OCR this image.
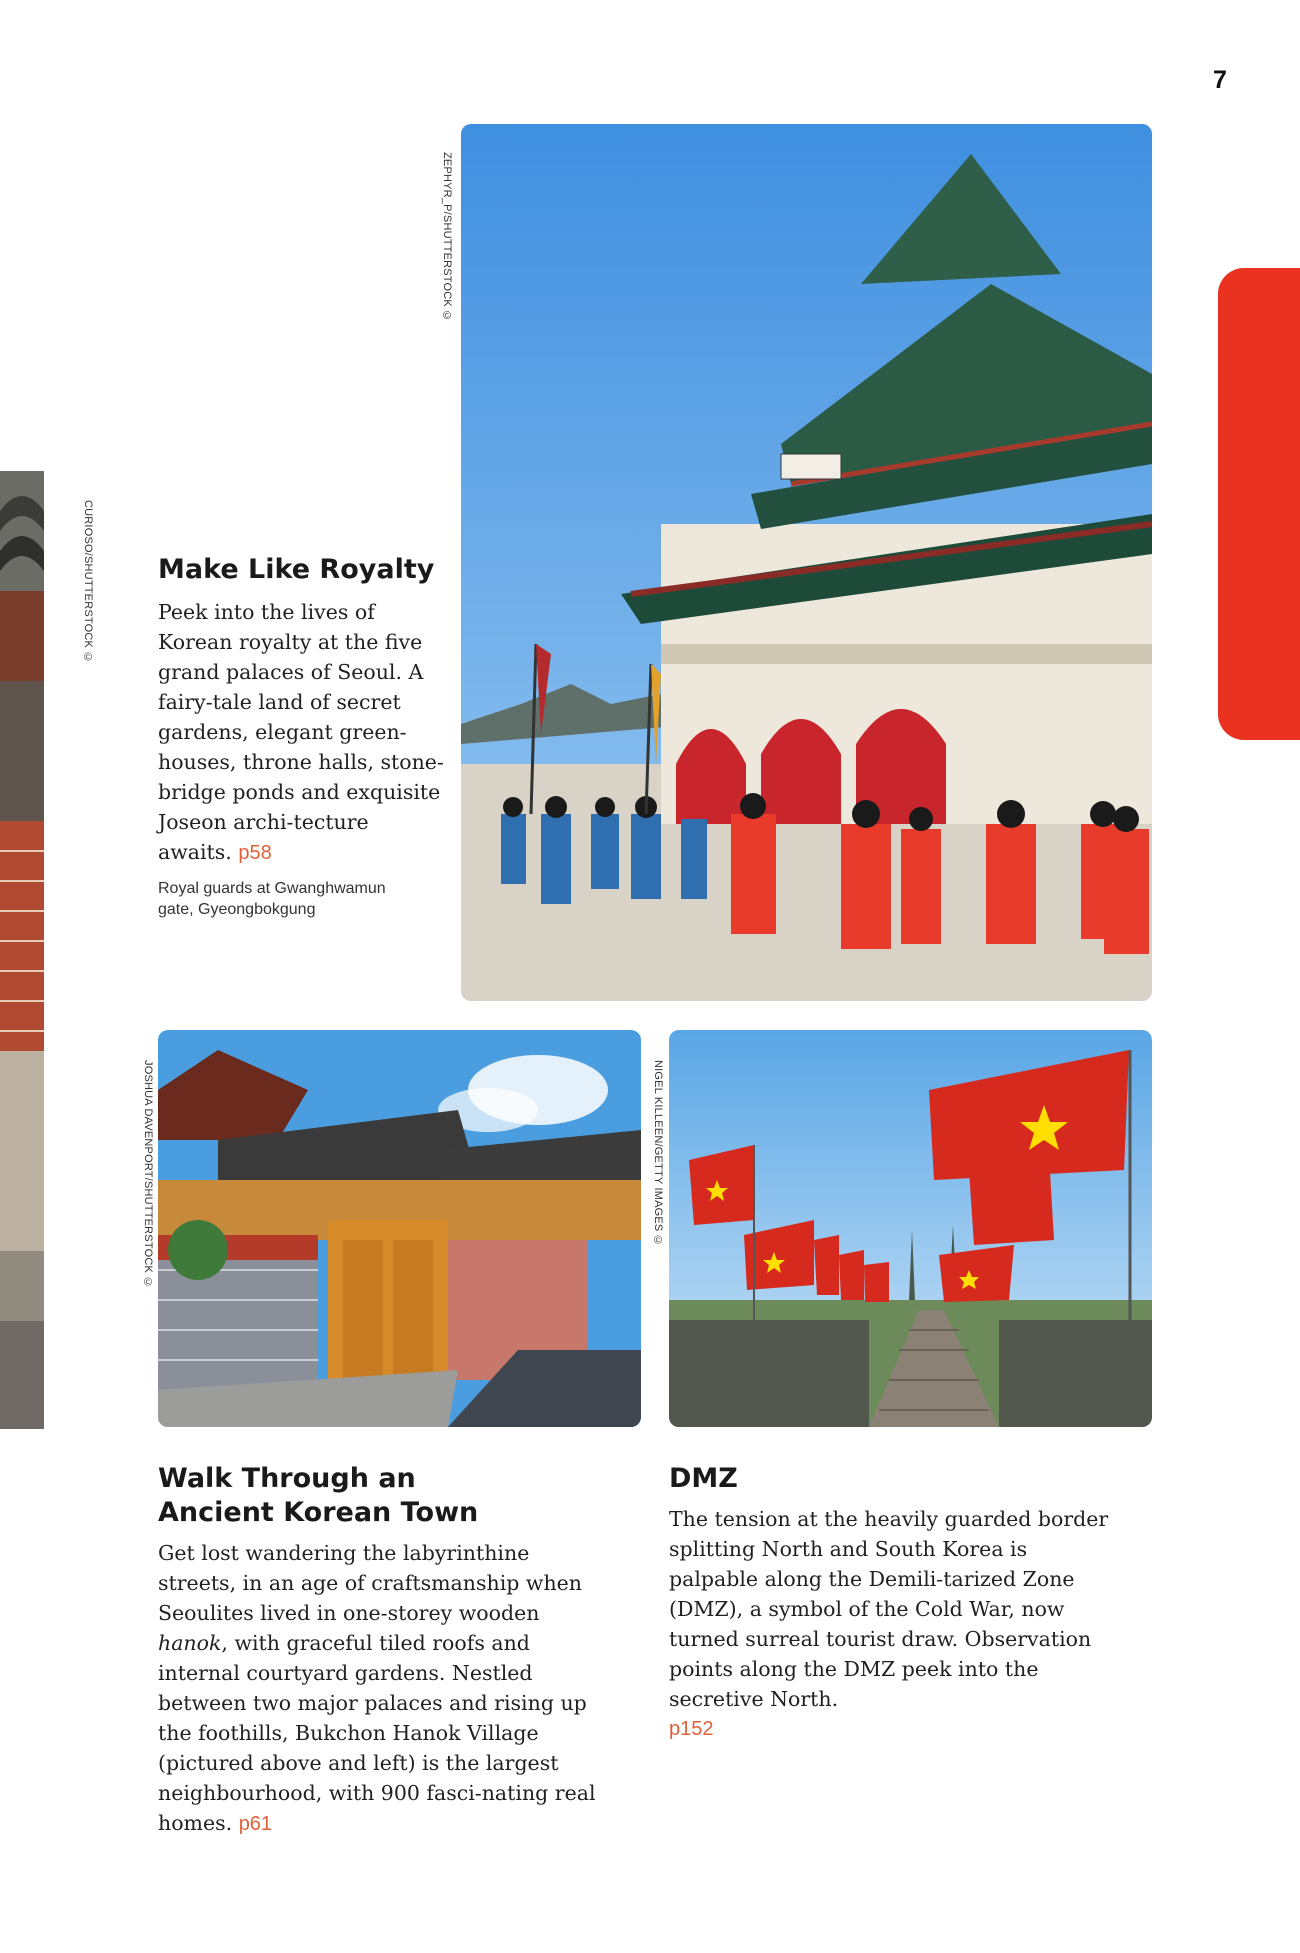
7
CURIOSO/SHUTTERSTOCK ©
ZEPHYR_P/SHUTTERSTOCK ©
Make Like Royalty

Peek into the lives of Korean royalty at the five grand palaces of Seoul. A fairy-tale land of secret gardens, elegant green-houses, throne halls, stone-bridge ponds and exquisite Joseon archi-tecture awaits. p58

Royal guards at Gwanghwamun gate, Gyeongbokgung
JOSHUA DAVENPORT/SHUTTERSTOCK ©	NIGEL KILLEEN/GETTY IMAGES ©
Walk Through an Ancient Korean Town

Get lost wandering the labyrinthine streets, in an age of craftsmanship when Seoulites lived in one-storey wooden hanok, with graceful tiled roofs and internal courtyard gardens. Nestled between two major palaces and rising up the foothills, Bukchon Hanok Village (pictured above and left) is the largest neighbourhood, with 900 fasci-nating real homes. p61

DMZ

The tension at the heavily guarded border splitting North and South Korea is palpable along the Demili-tarized Zone (DMZ), a symbol of the Cold War, now turned surreal tourist draw. Observation points along the DMZ peek into the secretive North.
p152
